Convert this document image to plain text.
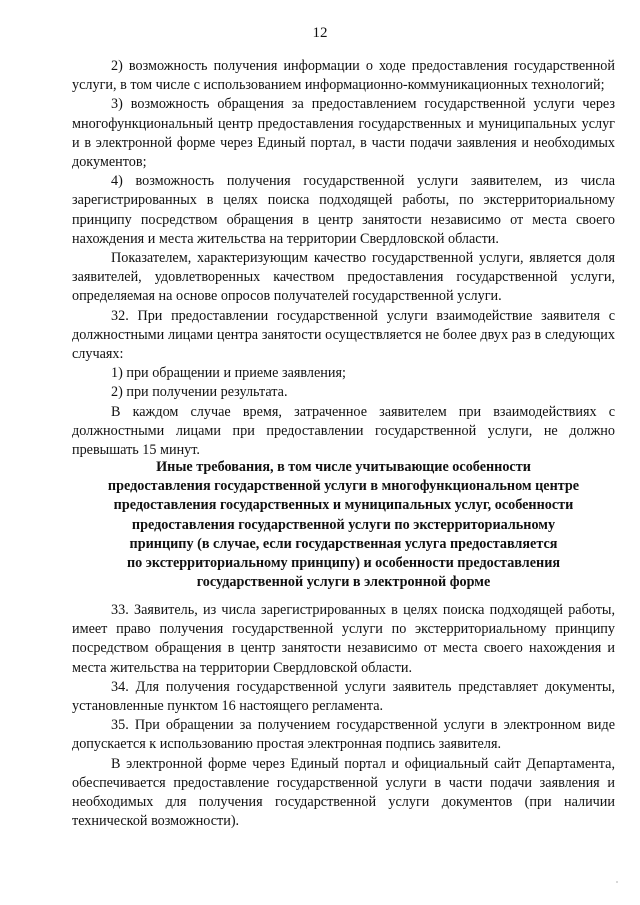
12

2) возможность получения информации о ходе предоставления государственной услуги, в том числе с использованием информационно-коммуникационных технологий;

3) возможность обращения за предоставлением государственной услуги через многофункциональный центр предоставления государственных и муниципальных услуг и в электронной форме через Единый портал, в части подачи заявления и необходимых документов;

4) возможность получения государственной услуги заявителем, из числа зарегистрированных в целях поиска подходящей работы, по экстерриториальному принципу посредством обращения в центр занятости независимо от места своего нахождения и места жительства на территории Свердловской области.

Показателем, характеризующим качество государственной услуги, является доля заявителей, удовлетворенных качеством предоставления государственной услуги, определяемая на основе опросов получателей государственной услуги.

32. При предоставлении государственной услуги взаимодействие заявителя с должностными лицами центра занятости осуществляется не более двух раз в следующих случаях:

1) при обращении и приеме заявления;

2) при получении результата.

В каждом случае время, затраченное заявителем при взаимодействиях с должностными лицами при предоставлении государственной услуги, не должно превышать 15 минут.

Иные требования, в том числе учитывающие особенности
предоставления государственной услуги в многофункциональном центре
предоставления государственных и муниципальных услуг, особенности
предоставления государственной услуги по экстерриториальному
принципу (в случае, если государственная услуга предоставляется
по экстерриториальному принципу) и особенности предоставления
государственной услуги в электронной форме

33. Заявитель, из числа зарегистрированных в целях поиска подходящей работы, имеет право получения государственной услуги по экстерриториальному принципу посредством обращения в центр занятости независимо от места своего нахождения и места жительства на территории Свердловской области.

34. Для получения государственной услуги заявитель представляет документы, установленные пунктом 16 настоящего регламента.

35. При обращении за получением государственной услуги в электронном виде допускается к использованию простая электронная подпись заявителя.

В электронной форме через Единый портал и официальный сайт Департамента, обеспечивается предоставление государственной услуги в части подачи заявления и необходимых для получения государственной услуги документов (при наличии технической возможности).
